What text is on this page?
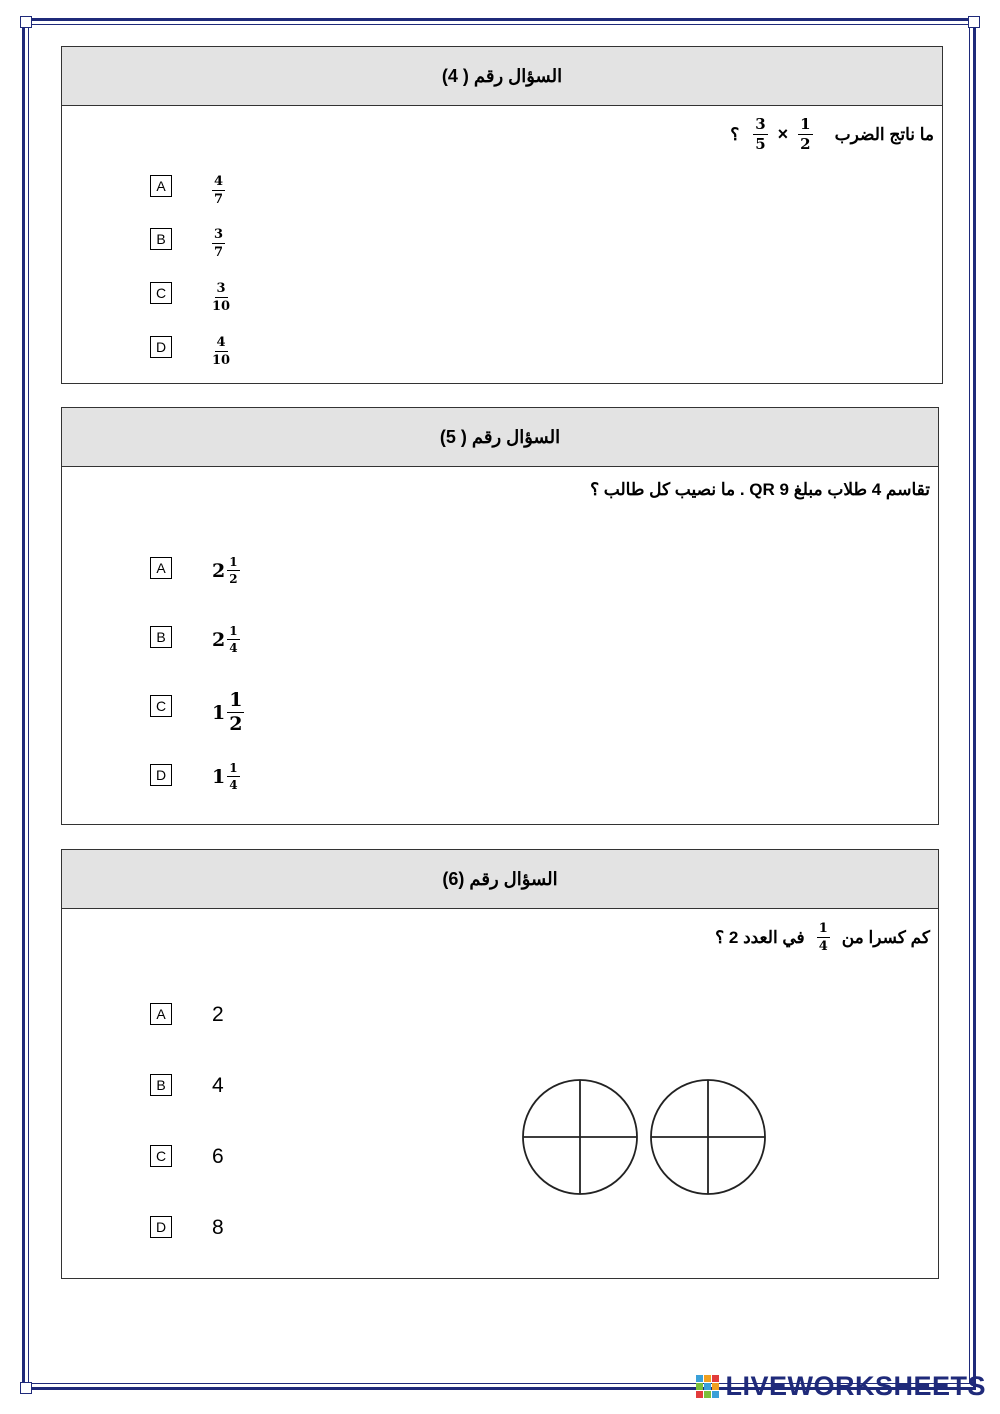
السؤال رقم ( 4)
ما ناتج الضرب
$\frac{1}{2}$
×
$\frac{3}{5}$
؟
A	$\frac{4}{7}$
B	$\frac{3}{7}$
C	$\frac{3}{10}$
D	$\frac{4}{10}$
السؤال رقم ( 5)
تقاسم 4 طلاب مبلغ QR 9 . ما نصيب كل طالب ؟
A	$2 \frac{1}{2}$
B	$2 \frac{1}{4}$
C	$1 \frac{1}{2}$
D	$1 \frac{1}{4}$
السؤال رقم (6)
كم كسرا من
$\frac{1}{4}$
في العدد 2 ؟
A	2
B	4
C 6
D 8
LIVEWORKSHEETS
